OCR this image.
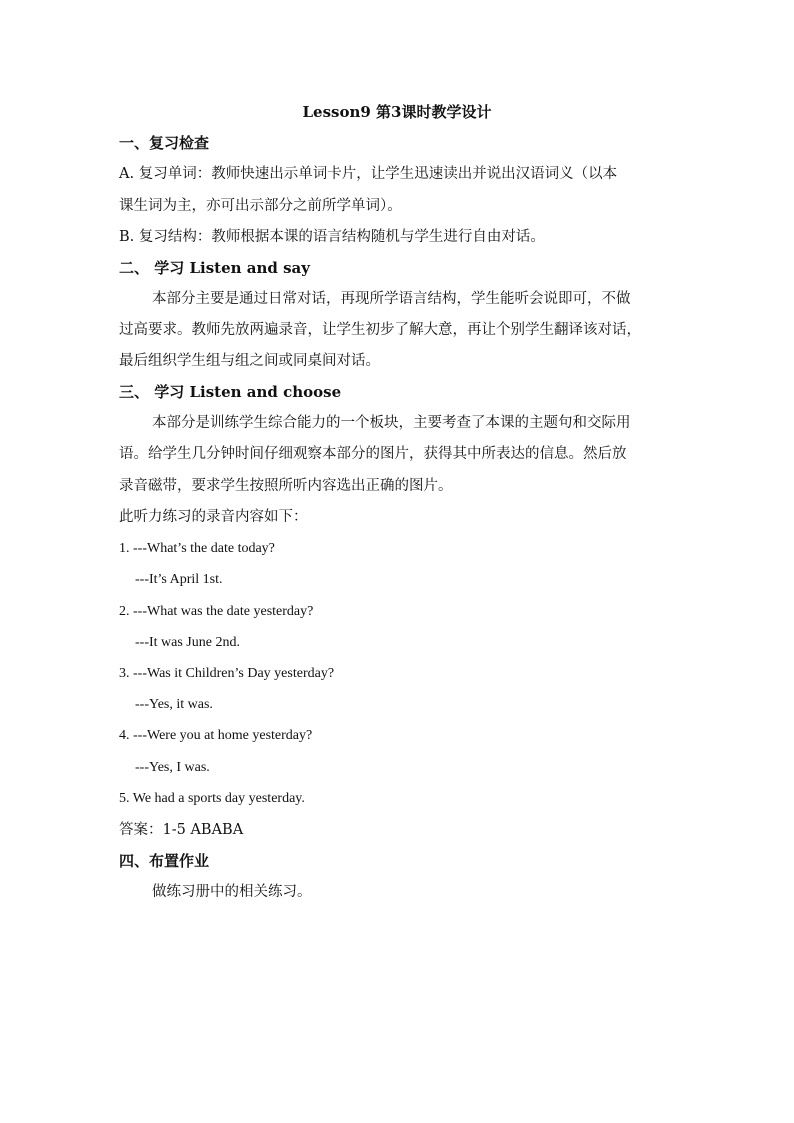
Lesson9 第3课时教学设计
一、复习检查
A. 复习单词：教师快速出示单词卡片，让学生迅速读出并说出汉语词义（以本
课生词为主，亦可出示部分之前所学单词）。
B. 复习结构：教师根据本课的语言结构随机与学生进行自由对话。
二、 学习 Listen and say
本部分主要是通过日常对话，再现所学语言结构，学生能听会说即可，不做
过高要求。教师先放两遍录音，让学生初步了解大意，再让个别学生翻译该对话，
最后组织学生组与组之间或同桌间对话。
三、 学习 Listen and choose
本部分是训练学生综合能力的一个板块，主要考查了本课的主题句和交际用
语。给学生几分钟时间仔细观察本部分的图片，获得其中所表达的信息。然后放
录音磁带，要求学生按照所听内容选出正确的图片。
此听力练习的录音内容如下：
1. ---What’s the date today?
---It’s April 1st.
2. ---What was the date yesterday?
---It was June 2nd.
3. ---Was it Children’s Day yesterday?
---Yes, it was.
4. ---Were you at home yesterday?
---Yes, I was.
5. We had a sports day yesterday.
答案：1-5 ABABA
四、布置作业
做练习册中的相关练习。
